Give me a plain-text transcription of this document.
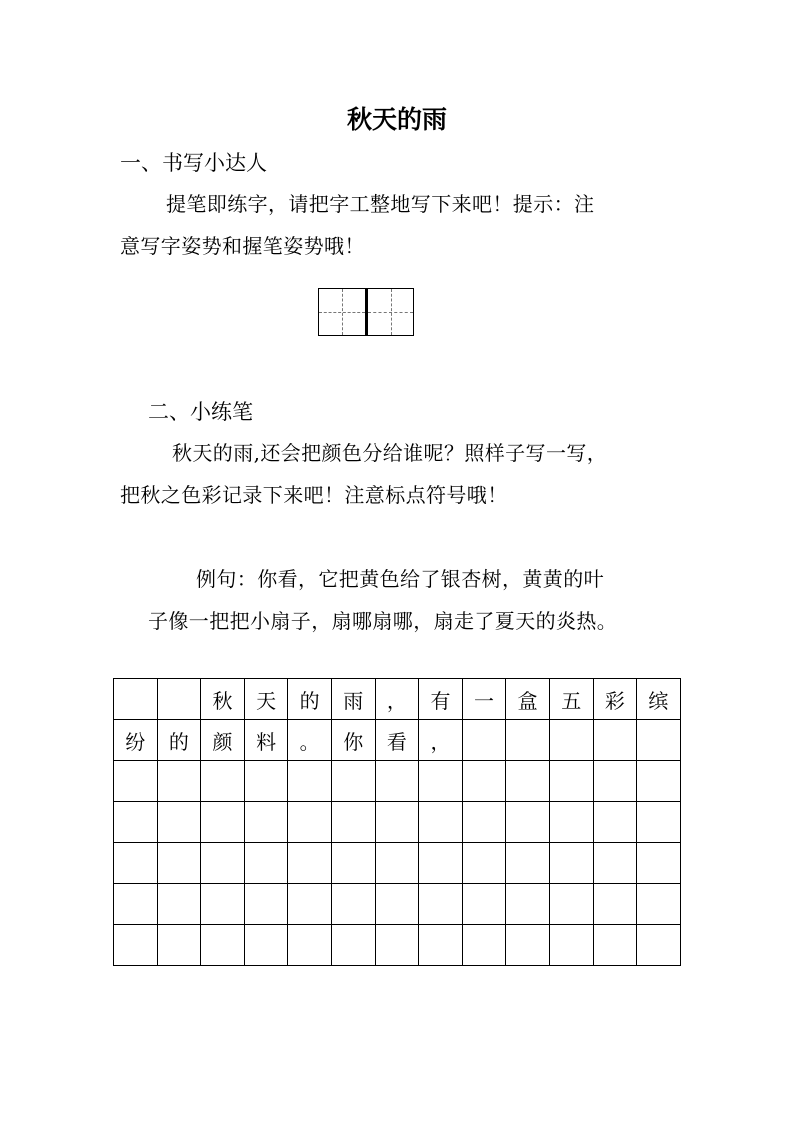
秋天的雨
一、书写小达人
提笔即练字，请把字工整地写下来吧！提示：注
意写字姿势和握笔姿势哦！
二、小练笔
秋天的雨,还会把颜色分给谁呢？照样子写一写，
把秋之色彩记录下来吧！注意标点符号哦！
例句：你看，它把黄色给了银杏树，黄黄的叶
子像一把把小扇子，扇哪扇哪，扇走了夏天的炎热。
		秋	天	的	雨	，	有	一	盒	五	彩	缤
纷	的	颜	料	。	你	看	，					
